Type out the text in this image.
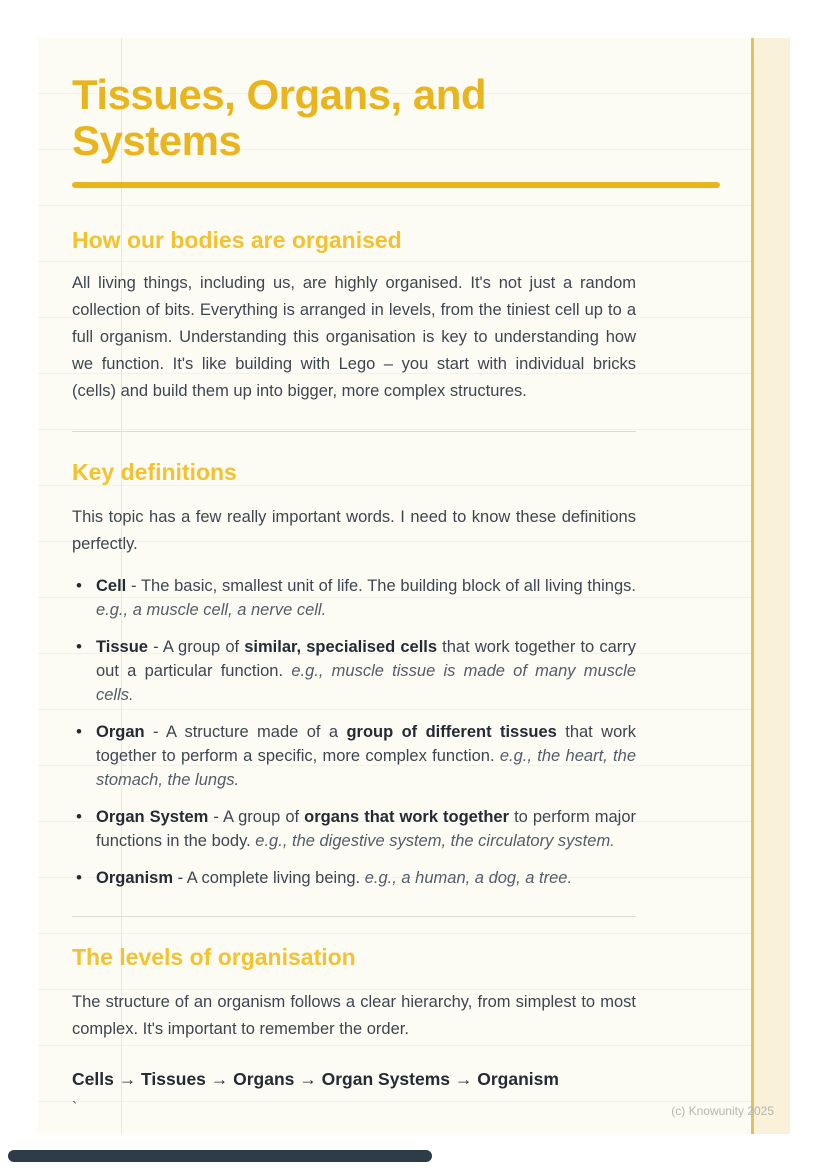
Tissues, Organs, and Systems
How our bodies are organised

All living things, including us, are highly organised. It's not just a random collection of bits. Everything is arranged in levels, from the tiniest cell up to a full organism. Understanding this organisation is key to understanding how we function. It's like building with Lego – you start with individual bricks (cells) and build them up into bigger, more complex structures.

Key definitions

This topic has a few really important words. I need to know these definitions perfectly.

• Cell - The basic, smallest unit of life. The building block of all living things. e.g., a muscle cell, a nerve cell.
• Tissue - A group of similar, specialised cells that work together to carry out a particular function. e.g., muscle tissue is made of many muscle cells.
• Organ - A structure made of a group of different tissues that work together to perform a specific, more complex function. e.g., the heart, the stomach, the lungs.
• Organ System - A group of organs that work together to perform major functions in the body. e.g., the digestive system, the circulatory system.
• Organism - A complete living being. e.g., a human, a dog, a tree.
The levels of organisation

The structure of an organism follows a clear hierarchy, from simplest to most complex. It's important to remember the order.

Cells → Tissues → Organs → Organ Systems → Organism
`	(c) Knowunity 2025
